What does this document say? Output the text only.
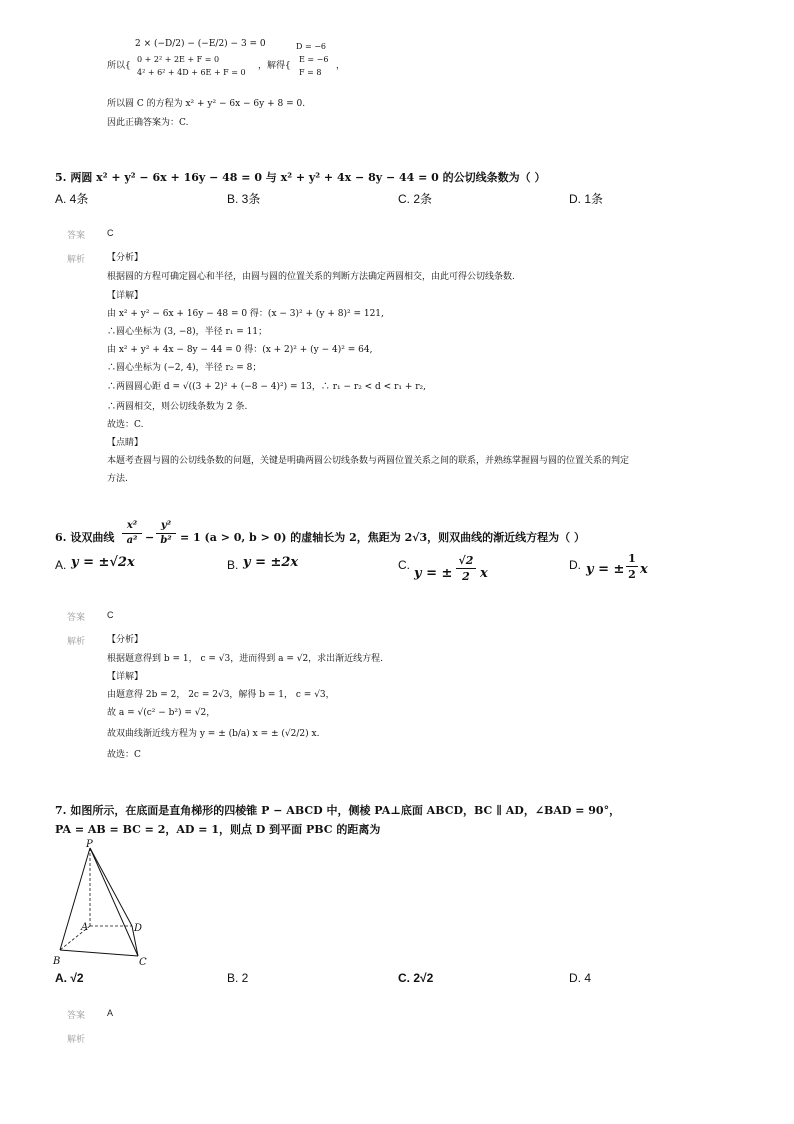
2 × (−D/2) − (−E/2) − 3 = 0
所以{
0 + 2² + 2E + F = 0
4² + 6² + 4D + 6E + F = 0
，解得{
D = −6
E = −6
F = 8
，
所以圆 C 的方程为 x² + y² − 6x − 6y + 8 = 0.
因此正确答案为：C.
5. 两圆 x² + y² − 6x + 16y − 48 = 0 与 x² + y² + 4x − 8y − 44 = 0 的公切线条数为（ ）
A. 4条	B. 3条	C. 2条	D. 1条
答案 C
解析 【分析】
根据圆的方程可确定圆心和半径，由圆与圆的位置关系的判断方法确定两圆相交，由此可得公切线条数.
【详解】
由 x² + y² − 6x + 16y − 48 = 0 得：(x − 3)² + (y + 8)² = 121,
∴圆心坐标为 (3, −8)，半径 r₁ = 11；
由 x² + y² + 4x − 8y − 44 = 0 得：(x + 2)² + (y − 4)² = 64,
∴圆心坐标为 (−2, 4)，半径 r₂ = 8；
∴两圆圆心距 d = √((3 + 2)² + (−8 − 4)²) = 13，∴ r₁ − r₂ < d < r₁ + r₂,
∴两圆相交，则公切线条数为 2 条.
故选：C.
【点睛】
本题考查圆与圆的公切线条数的问题，关键是明确两圆公切线条数与两圆位置关系之间的联系，并熟练掌握圆与圆的位置关系的判定
方法.
6. 设双曲线
x²
a² −
y²
b² = 1 (a > 0, b > 0) 的虚轴长为 2，焦距为 2√3，则双曲线的渐近线方程为（ ）
A. y = ±√2x	B. y = ±2x	C.
y = ±
√2
2 x
D. y = ±
1
2 x
答案 C
解析 【分析】
根据题意得到 b = 1， c = √3，进而得到 a = √2，求出渐近线方程.
【详解】
由题意得 2b = 2， 2c = 2√3，解得 b = 1， c = √3，
故 a = √(c² − b²) = √2，
故双曲线渐近线方程为 y = ± (b/a) x = ± (√2/2) x.
故选：C
7. 如图所示，在底面是直角梯形的四棱锥 P − ABCD 中，侧棱 PA⊥底面 ABCD，BC ∥ AD，∠BAD = 90°，
PA = AB = BC = 2，AD = 1，则点 D 到平面 PBC 的距离为
P
A	D
B	C
A. √2	B. 2	C. 2√2	D. 4
答案 A
解析
